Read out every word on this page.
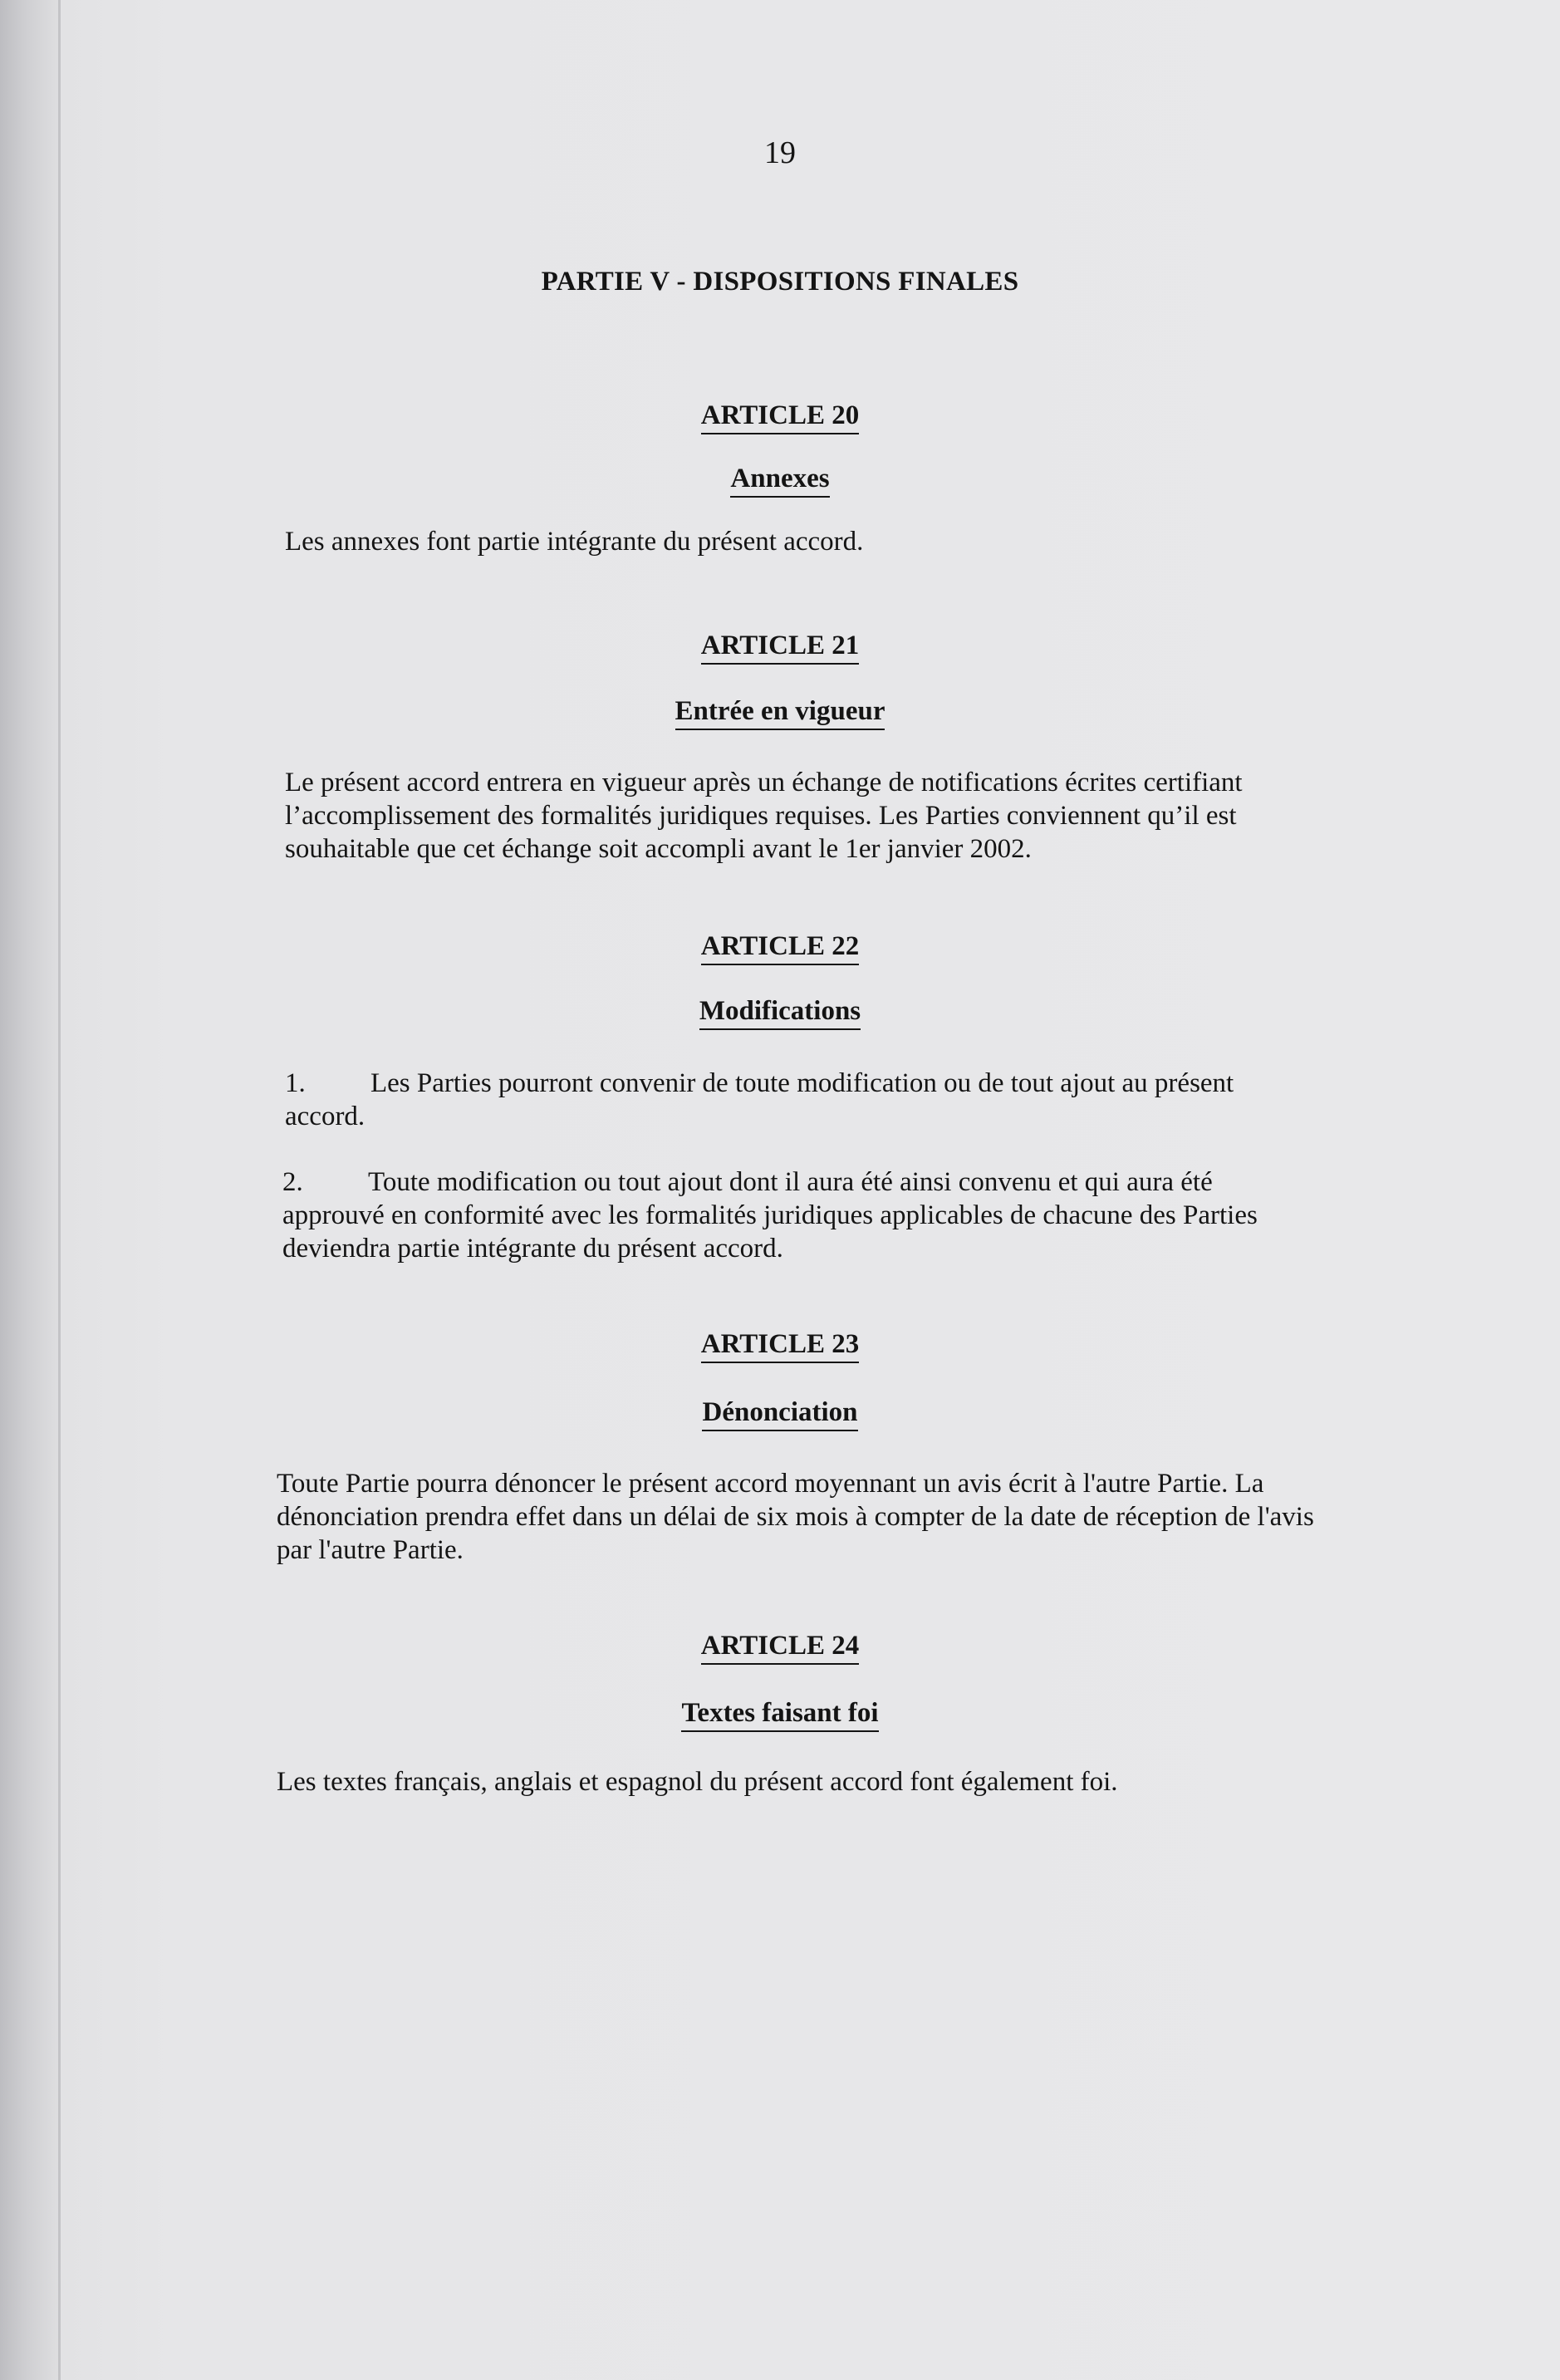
19

PARTIE V - DISPOSITIONS FINALES

ARTICLE 20

Annexes

Les annexes font partie intégrante du présent accord.

ARTICLE 21

Entrée en vigueur

Le présent accord entrera en vigueur après un échange de notifications écrites certifiant l’accomplissement des formalités juridiques requises. Les Parties conviennent qu’il est souhaitable que cet échange soit accompli avant le 1er janvier 2002.

ARTICLE 22

Modifications

1. Les Parties pourront convenir de toute modification ou de tout ajout au présent accord.

2. Toute modification ou tout ajout dont il aura été ainsi convenu et qui aura été approuvé en conformité avec les formalités juridiques applicables de chacune des Parties deviendra partie intégrante du présent accord.

ARTICLE 23

Dénonciation

Toute Partie pourra dénoncer le présent accord moyennant un avis écrit à l'autre Partie. La dénonciation prendra effet dans un délai de six mois à compter de la date de réception de l'avis par l'autre Partie.

ARTICLE 24

Textes faisant foi

Les textes français, anglais et espagnol du présent accord font également foi.
